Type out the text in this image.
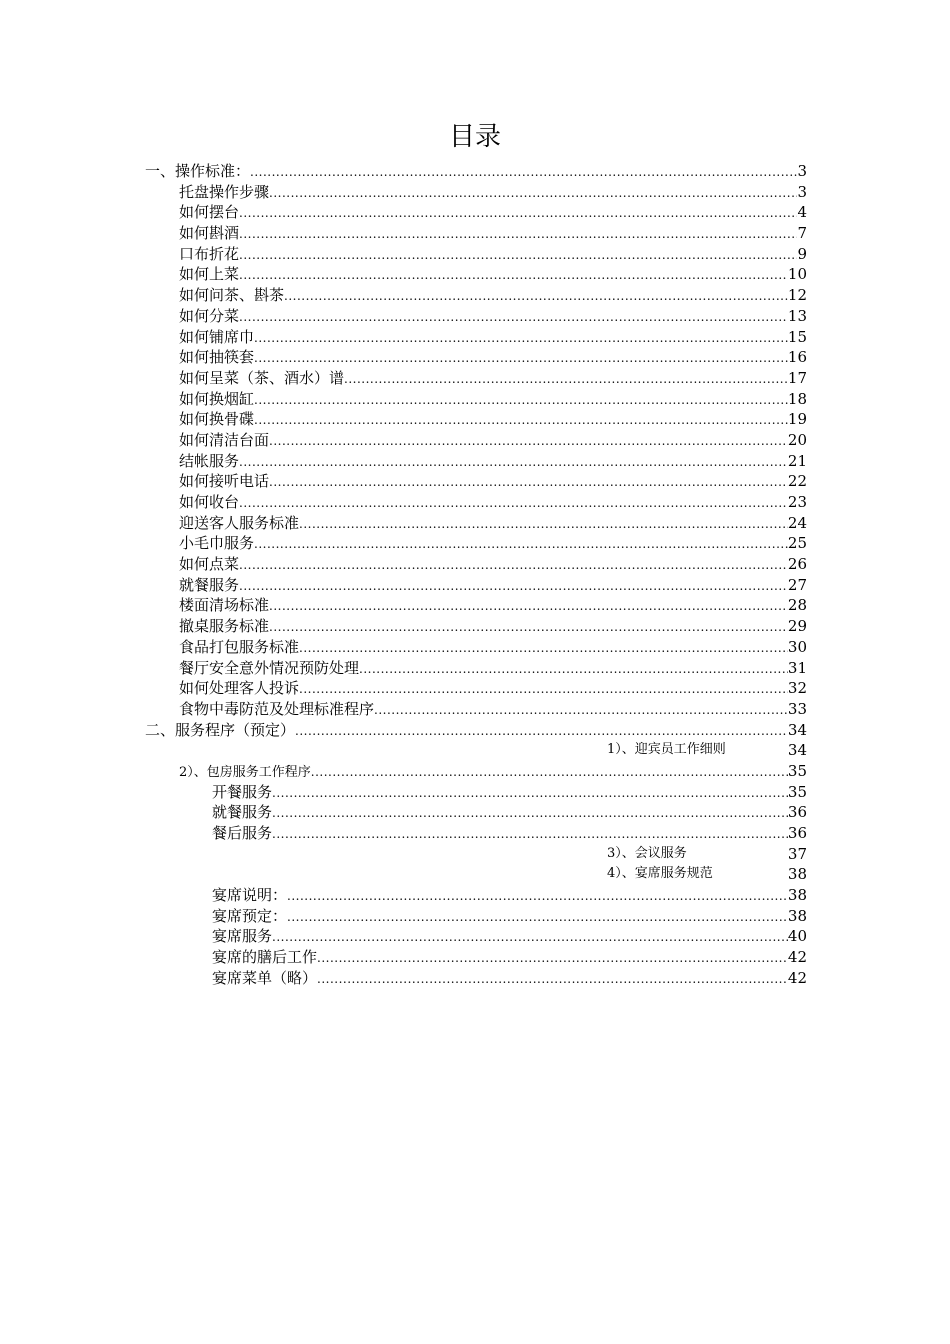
目录
一、操作标准： .....	3
托盘操作步骤 .....	3
如何摆台 .....	4
如何斟酒 .....	7
口布折花 .....	9
如何上菜 .....	10
如何问茶、斟茶 .....	12
如何分菜 .....	13
如何铺席巾 .....	15
如何抽筷套 .....	16
如何呈菜（茶、酒水）谱 .....	17
如何换烟缸 .....	18
如何换骨碟 .....	19
如何清洁台面 .....	20
结帐服务 .....	21
如何接听电话 .....	22
如何收台 .....	23
迎送客人服务标准 .....	24
小毛巾服务 .....	25
如何点菜 .....	26
就餐服务 .....	27
楼面清场标准 .....	28
撤桌服务标准 .....	29
食品打包服务标准 .....	30
餐厅安全意外情况预防处理 .....	31
如何处理客人投诉 .....	32
食物中毒防范及处理标准程序 .....	33
二、服务程序（预定） .....	34
1）、迎宾员工作细则	34
2）、包房服务工作程序 .....	35
开餐服务 .....	35
就餐服务 .....	36
餐后服务 .....	36
3）、会议服务	37
4）、宴席服务规范	38
宴席说明： .....	38
宴席预定： .....	38
宴席服务 .....	40
宴席的膳后工作 .....	42
宴席菜单（略） .....	42
